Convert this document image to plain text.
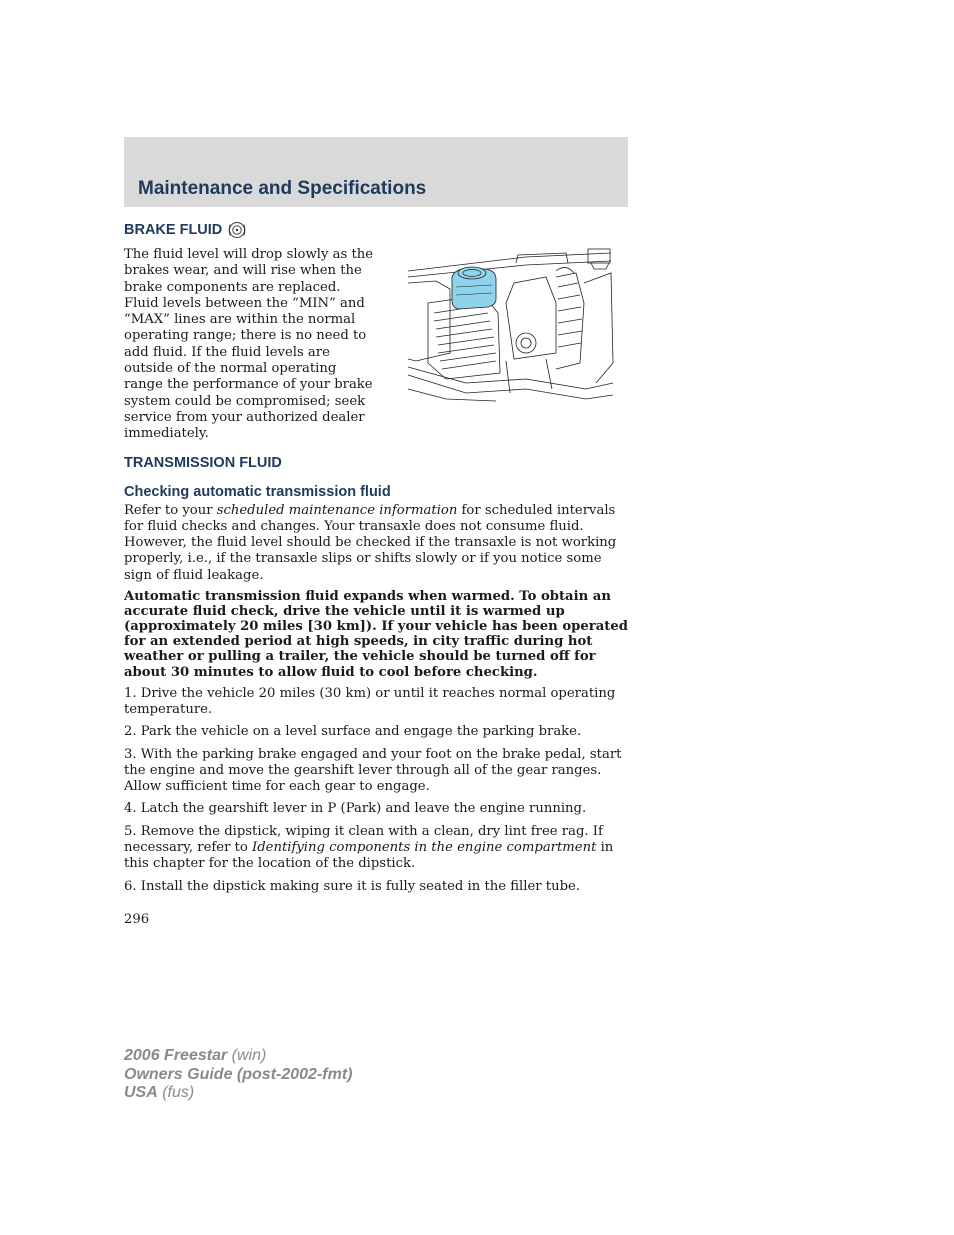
Maintenance and Specifications
BRAKE FLUID

The fluid level will drop slowly as the brakes wear, and will rise when the brake components are replaced. Fluid levels between the “MIN” and “MAX” lines are within the normal operating range; there is no need to add fluid. If the fluid levels are outside of the normal operating range the performance of your brake system could be compromised; seek service from your authorized dealer immediately.

TRANSMISSION FLUID
Checking automatic transmission fluid

Refer to your scheduled maintenance information for scheduled intervals for fluid checks and changes. Your transaxle does not consume fluid. However, the fluid level should be checked if the transaxle is not working properly, i.e., if the transaxle slips or shifts slowly or if you notice some sign of fluid leakage.

Automatic transmission fluid expands when warmed. To obtain an accurate fluid check, drive the vehicle until it is warmed up (approximately 20 miles [30 km]). If your vehicle has been operated for an extended period at high speeds, in city traffic during hot weather or pulling a trailer, the vehicle should be turned off for about 30 minutes to allow fluid to cool before checking.

1. Drive the vehicle 20 miles (30 km) or until it reaches normal operating temperature.

2. Park the vehicle on a level surface and engage the parking brake.

3. With the parking brake engaged and your foot on the brake pedal, start the engine and move the gearshift lever through all of the gear ranges. Allow sufficient time for each gear to engage.

4. Latch the gearshift lever in P (Park) and leave the engine running.

5. Remove the dipstick, wiping it clean with a clean, dry lint free rag. If necessary, refer to Identifying components in the engine compartment in this chapter for the location of the dipstick.

6. Install the dipstick making sure it is fully seated in the filler tube.

296

2006 Freestar (win)
Owners Guide (post-2002-fmt)
USA (fus)
